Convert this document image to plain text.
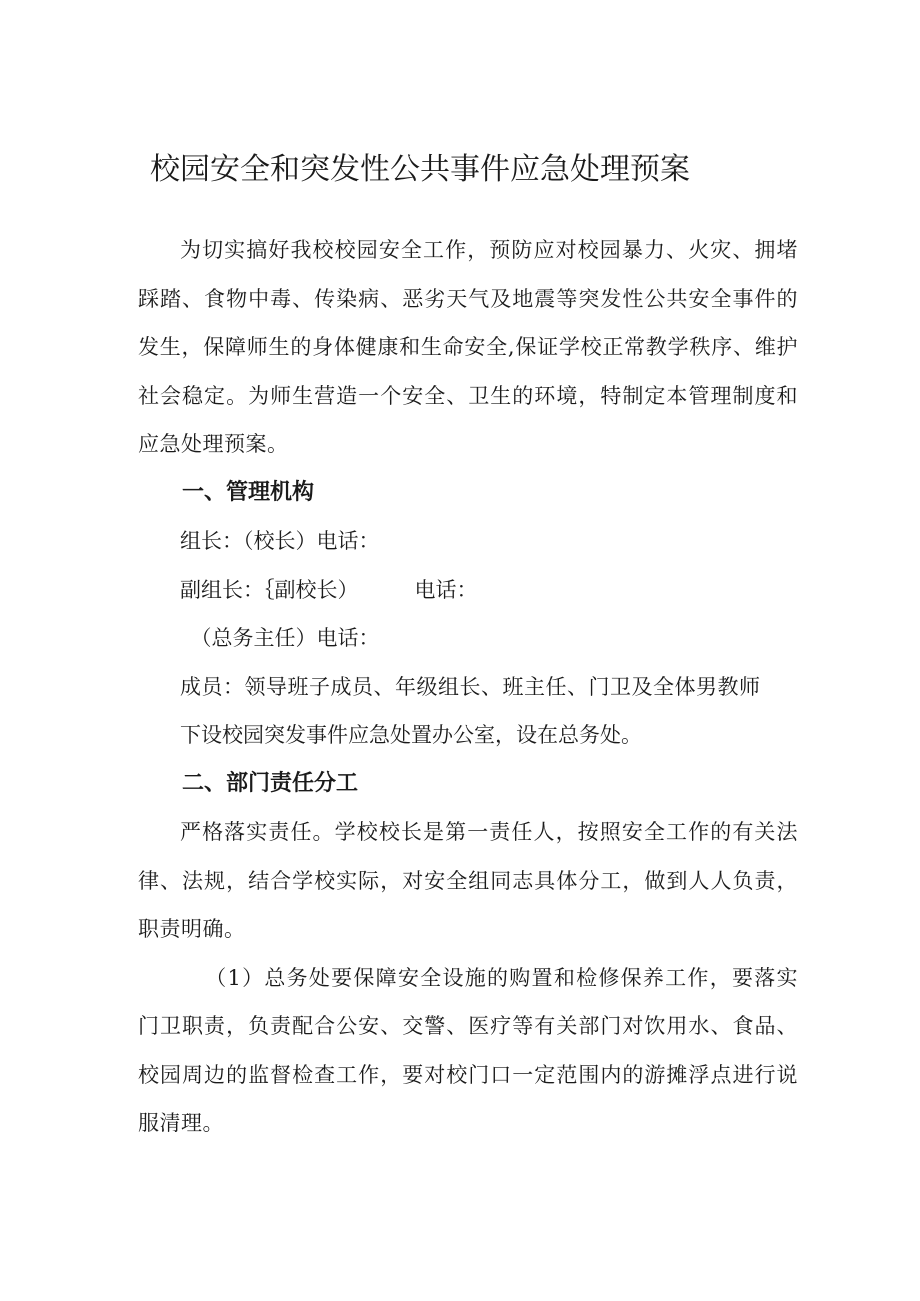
校园安全和突发性公共事件应急处理预案

为切实搞好我校校园安全工作，预防应对校园暴力、火灾、拥堵踩踏、食物中毒、传染病、恶劣天气及地震等突发性公共安全事件的发生，保障师生的身体健康和生命安全,保证学校正常教学秩序、维护社会稳定。为师生营造一个安全、卫生的环境，特制定本管理制度和应急处理预案。

一、管理机构

组长：（校长）电话：

副组长：｛副校长）	电话：

（总务主任）电话：

成员：领导班子成员、年级组长、班主任、门卫及全体男教师

下设校园突发事件应急处置办公室，设在总务处。

二、部门责任分工

严格落实责任。学校校长是第一责任人，按照安全工作的有关法律、法规，结合学校实际，对安全组同志具体分工，做到人人负责，职责明确。

（1）总务处要保障安全设施的购置和检修保养工作，要落实门卫职责，负责配合公安、交警、医疗等有关部门对饮用水、食品、校园周边的监督检查工作，要对校门口一定范围内的游摊浮点进行说服清理。
